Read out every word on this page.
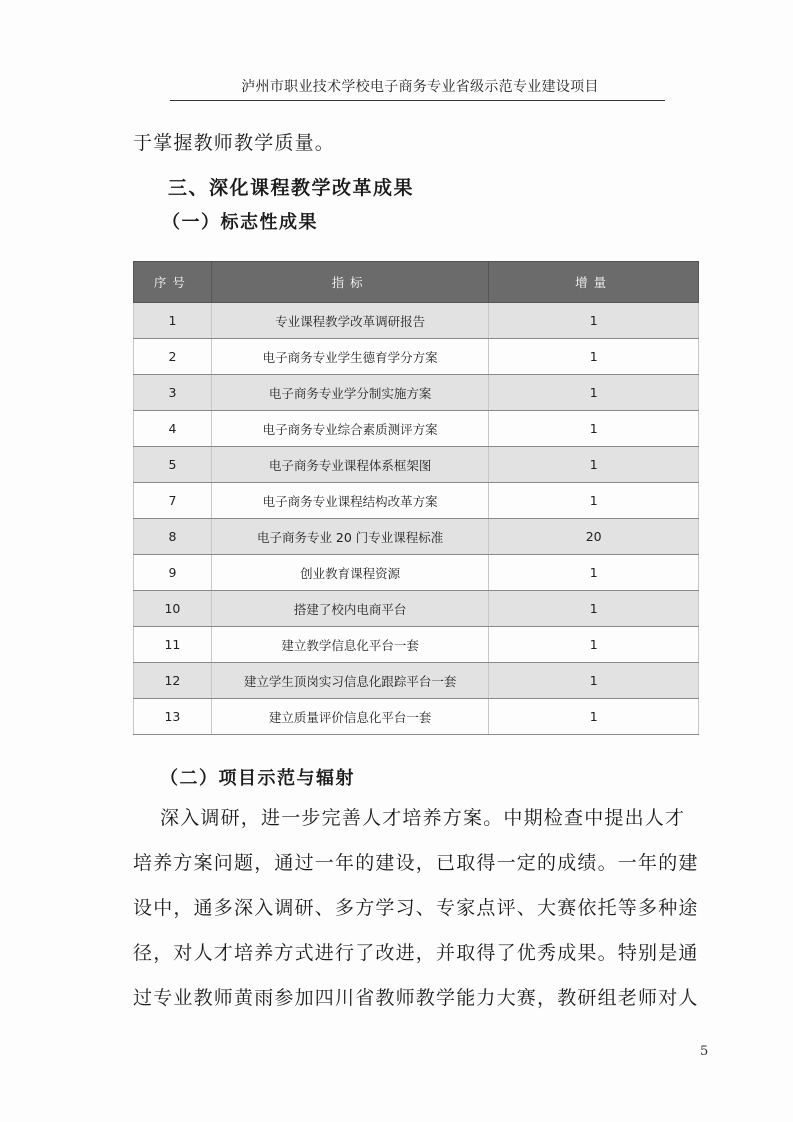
泸州市职业技术学校电子商务专业省级示范专业建设项目
于掌握教师教学质量。
三、深化课程教学改革成果
（一）标志性成果
序号	指标	增量
1	专业课程教学改革调研报告	1
2	电子商务专业学生德育学分方案	1
3	电子商务专业学分制实施方案	1
4	电子商务专业综合素质测评方案	1
5	电子商务专业课程体系框架图	1
7	电子商务专业课程结构改革方案	1
8	电子商务专业 20 门专业课程标准	20
9	创业教育课程资源	1
10	搭建了校内电商平台	1
11	建立教学信息化平台一套	1
12	建立学生顶岗实习信息化跟踪平台一套	1
13	建立质量评价信息化平台一套	1
（二）项目示范与辐射
深入调研，进一步完善人才培养方案。中期检查中提出人才
培养方案问题，通过一年的建设，已取得一定的成绩。一年的建
设中，通多深入调研、多方学习、专家点评、大赛依托等多种途
径，对人才培养方式进行了改进，并取得了优秀成果。特别是通
过专业教师黄雨参加四川省教师教学能力大赛，教研组老师对人
5
